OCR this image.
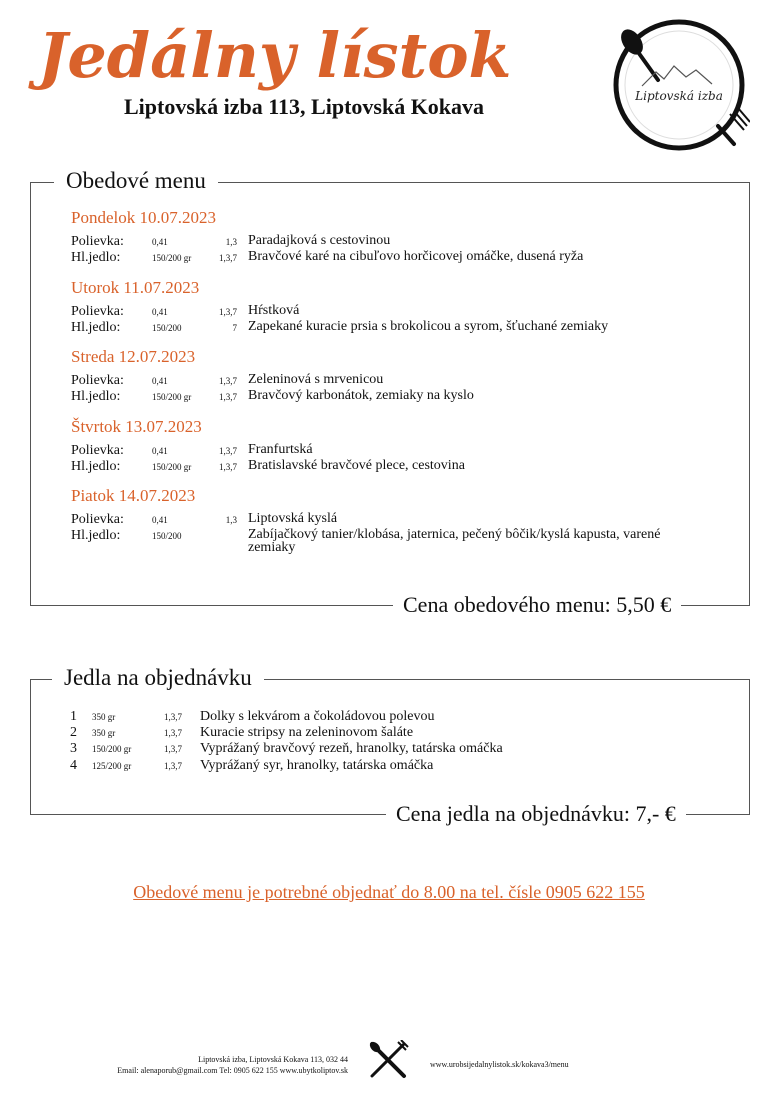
Jedálny lístok
Liptovská izba 113, Liptovská Kokava	Liptovská izba
Obedové menu
Cena obedového menu: 5,50 €
Pondelok 10.07.2023
Polievka:	0,41	1,3 Paradajková s cestovinou
Hl.jedlo:	150/200 gr	1,3,7 Bravčové karé na cibuľovo horčicovej omáčke, dusená ryža
Utorok 11.07.2023
Polievka:	0,41	1,3,7 Hŕstková
Hl.jedlo:	150/200	7 Zapekané kuracie prsia s brokolicou a syrom, šťuchané zemiaky
Streda 12.07.2023
Polievka:	0,41	1,3,7 Zeleninová s mrvenicou
Hl.jedlo:	150/200 gr	1,3,7 Bravčový karbonátok, zemiaky na kyslo
Štvrtok 13.07.2023
Polievka:	0,41	1,3,7 Franfurtská
Hl.jedlo:	150/200 gr	1,3,7 Bratislavské bravčové plece, cestovina
Piatok 14.07.2023
Polievka:	0,41	1,3 Liptovská kyslá
Hl.jedlo:	150/200	Zabíjačkový tanier/klobása, jaternica, pečený bôčik/kyslá kapusta, varené zemiaky
Jedla na objednávku
Cena jedla na objednávku: 7,- €
1 350 gr	1,3,7 Dolky s lekvárom a čokoládovou polevou
2 350 gr	1,3,7 Kuracie stripsy na zeleninovom šaláte
3 150/200 gr	1,3,7 Vyprážaný bravčový rezeň, hranolky, tatárska omáčka
4 125/200 gr	1,3,7 Vyprážaný syr, hranolky, tatárska omáčka
Obedové menu je potrebné objednať do 8.00 na tel. čísle 0905 622 155
Liptovská izba, Liptovská Kokava 113, 032 44
Email: alenaporub@gmail.com Tel: 0905 622 155 www.ubytkoliptov.sk
www.urobsijedalnylistok.sk/kokava3/menu
